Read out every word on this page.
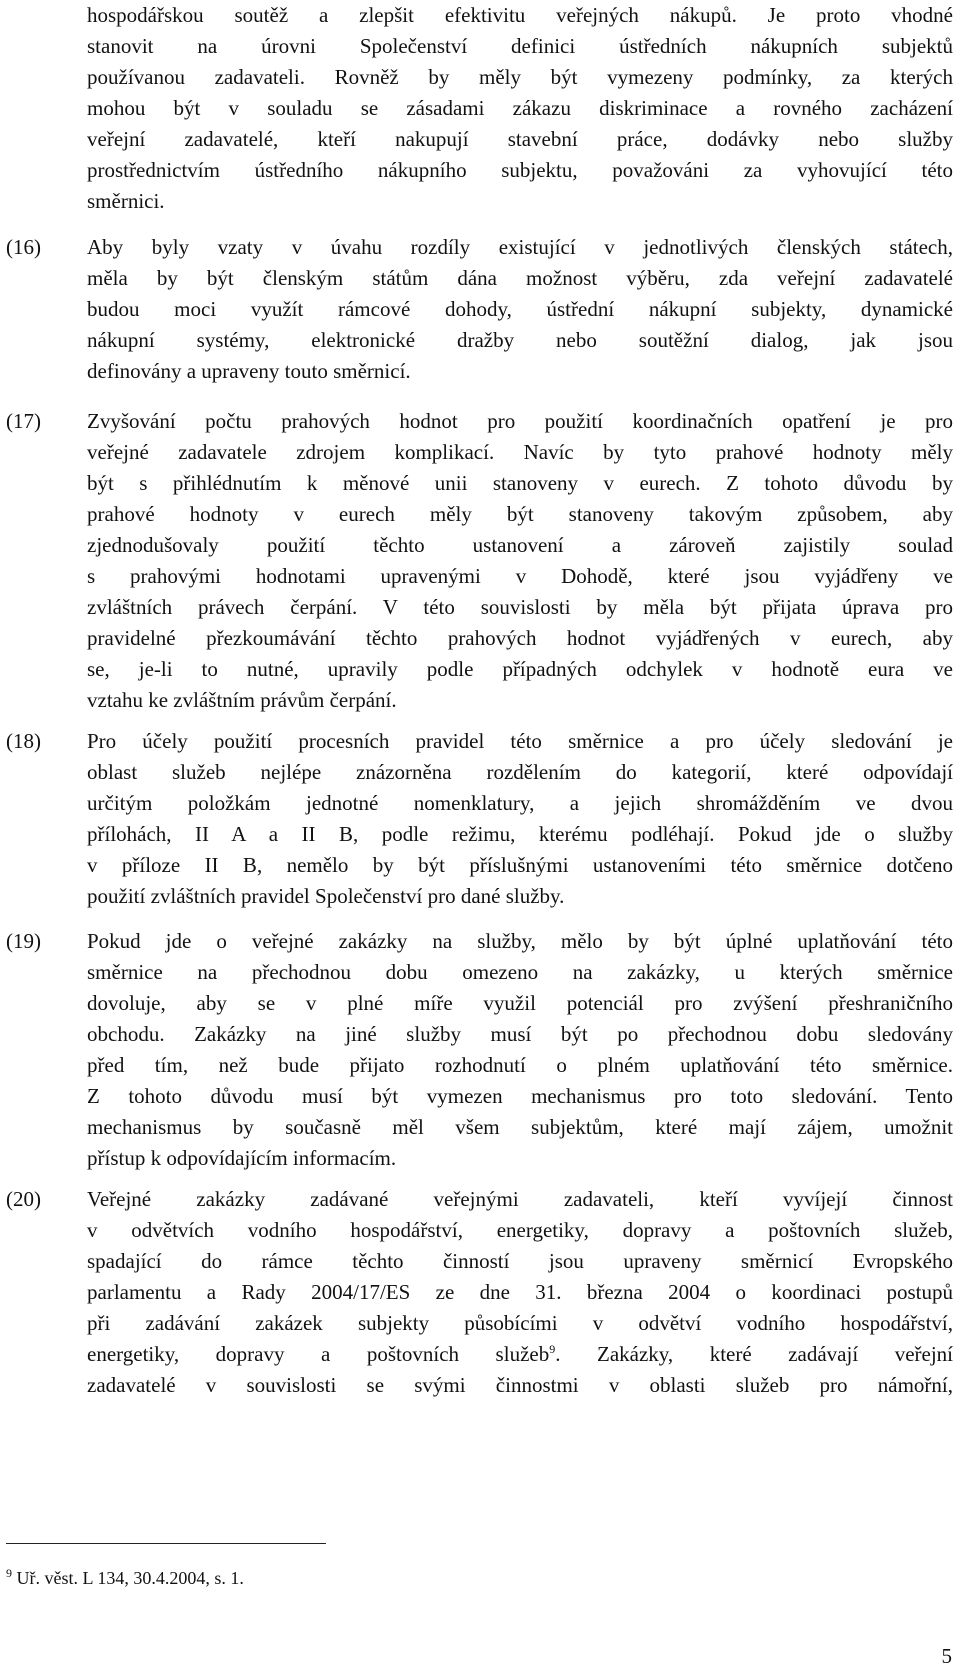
hospodářskou soutěž a zlepšit efektivitu veřejných nákupů. Je proto vhodné
stanovit na úrovni Společenství definici ústředních nákupních subjektů
používanou zadavateli. Rovněž by měly být vymezeny podmínky, za kterých
mohou být v souladu se zásadami zákazu diskriminace a rovného zacházení
veřejní zadavatelé, kteří nakupují stavební práce, dodávky nebo služby
prostřednictvím ústředního nákupního subjektu, považováni za vyhovující této
směrnici.
(16) Aby byly vzaty v úvahu rozdíly existující v jednotlivých členských státech,
měla by být členským státům dána možnost výběru, zda veřejní zadavatelé
budou moci využít rámcové dohody, ústřední nákupní subjekty, dynamické
nákupní systémy, elektronické dražby nebo soutěžní dialog, jak jsou
definovány a upraveny touto směrnicí.
(17) Zvyšování počtu prahových hodnot pro použití koordinačních opatření je pro
veřejné zadavatele zdrojem komplikací. Navíc by tyto prahové hodnoty měly
být s přihlédnutím k měnové unii stanoveny v eurech. Z tohoto důvodu by
prahové hodnoty v eurech měly být stanoveny takovým způsobem, aby
zjednodušovaly použití těchto ustanovení a zároveň zajistily soulad
s prahovými hodnotami upravenými v Dohodě, které jsou vyjádřeny ve
zvláštních právech čerpání. V této souvislosti by měla být přijata úprava pro
pravidelné přezkoumávání těchto prahových hodnot vyjádřených v eurech, aby
se, je-li to nutné, upravily podle případných odchylek v hodnotě eura ve
vztahu ke zvláštním právům čerpání.
(18) Pro účely použití procesních pravidel této směrnice a pro účely sledování je
oblast služeb nejlépe znázorněna rozdělením do kategorií, které odpovídají
určitým položkám jednotné nomenklatury, a jejich shromážděním ve dvou
přílohách, II A a II B, podle režimu, kterému podléhají. Pokud jde o služby
v příloze II B, nemělo by být příslušnými ustanoveními této směrnice dotčeno
použití zvláštních pravidel Společenství pro dané služby.
(19) Pokud jde o veřejné zakázky na služby, mělo by být úplné uplatňování této
směrnice na přechodnou dobu omezeno na zakázky, u kterých směrnice
dovoluje, aby se v plné míře využil potenciál pro zvýšení přeshraničního
obchodu. Zakázky na jiné služby musí být po přechodnou dobu sledovány
před tím, než bude přijato rozhodnutí o plném uplatňování této směrnice.
Z tohoto důvodu musí být vymezen mechanismus pro toto sledování. Tento
mechanismus by současně měl všem subjektům, které mají zájem, umožnit
přístup k odpovídajícím informacím.
(20) Veřejné zakázky zadávané veřejnými zadavateli, kteří vyvíjejí činnost
v odvětvích vodního hospodářství, energetiky, dopravy a poštovních služeb,
spadající do rámce těchto činností jsou upraveny směrnicí Evropského
parlamentu a Rady 2004/17/ES ze dne 31. března 2004 o koordinaci postupů
při zadávání zakázek subjekty působícími v odvětví vodního hospodářství,
energetiky, dopravy a poštovních služeb$^9$. Zakázky, které zadávají veřejní
zadavatelé v souvislosti se svými činnostmi v oblasti služeb pro námořní,
$^9$ Uř. věst. L 134, 30.4.2004, s. 1.
5
